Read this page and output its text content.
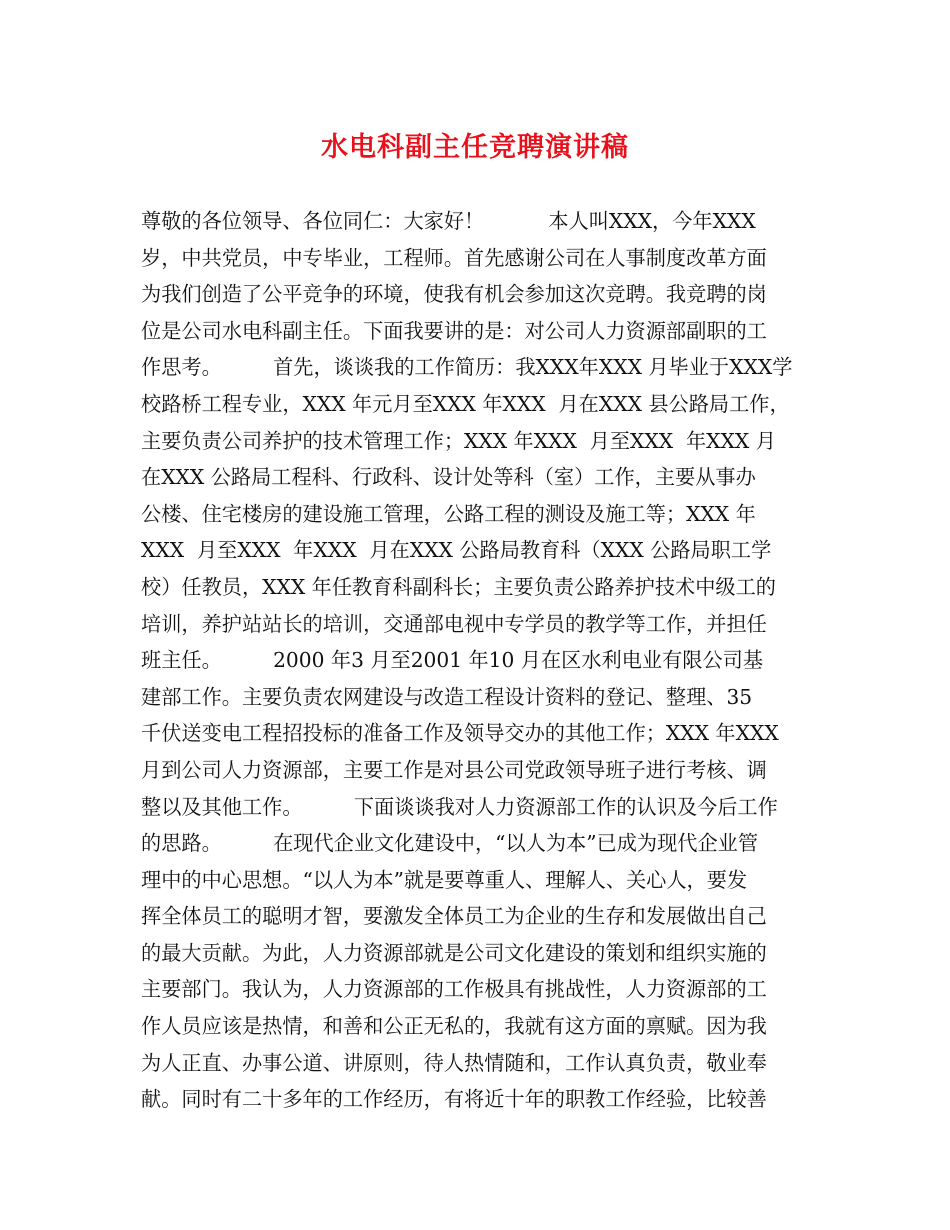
水电科副主任竞聘演讲稿
尊敬的各位领导、各位同仁：大家好！          本人叫XXX，今年XXX
岁，中共党员，中专毕业，工程师。首先感谢公司在人事制度改革方面
为我们创造了公平竞争的环境，使我有机会参加这次竞聘。我竞聘的岗
位是公司水电科副主任。下面我要讲的是：对公司人力资源部副职的工
作思考。        首先，谈谈我的工作简历：我XXX年XXX 月毕业于XXX学
校路桥工程专业，XXX 年元月至XXX 年XXX  月在XXX 县公路局工作，
主要负责公司养护的技术管理工作；XXX 年XXX  月至XXX  年XXX 月
在XXX 公路局工程科、行政科、设计处等科（室）工作，主要从事办
公楼、住宅楼房的建设施工管理，公路工程的测设及施工等；XXX 年
XXX  月至XXX  年XXX  月在XXX 公路局教育科（XXX 公路局职工学
校）任教员，XXX 年任教育科副科长；主要负责公路养护技术中级工的
培训，养护站站长的培训，交通部电视中专学员的教学等工作，并担任
班主任。        2000 年3 月至2001 年10 月在区水利电业有限公司基
建部工作。主要负责农网建设与改造工程设计资料的登记、整理、35
千伏送变电工程招投标的准备工作及领导交办的其他工作；XXX 年XXX
月到公司人力资源部，主要工作是对县公司党政领导班子进行考核、调
整以及其他工作。        下面谈谈我对人力资源部工作的认识及今后工作
的思路。        在现代企业文化建设中，“以人为本”已成为现代企业管
理中的中心思想。“以人为本”就是要尊重人、理解人、关心人，要发
挥全体员工的聪明才智，要激发全体员工为企业的生存和发展做出自己
的最大贡献。为此，人力资源部就是公司文化建设的策划和组织实施的
主要部门。我认为，人力资源部的工作极具有挑战性，人力资源部的工
作人员应该是热情，和善和公正无私的，我就有这方面的禀赋。因为我
为人正直、办事公道、讲原则，待人热情随和，工作认真负责，敬业奉
献。同时有二十多年的工作经历，有将近十年的职教工作经验，比较善
